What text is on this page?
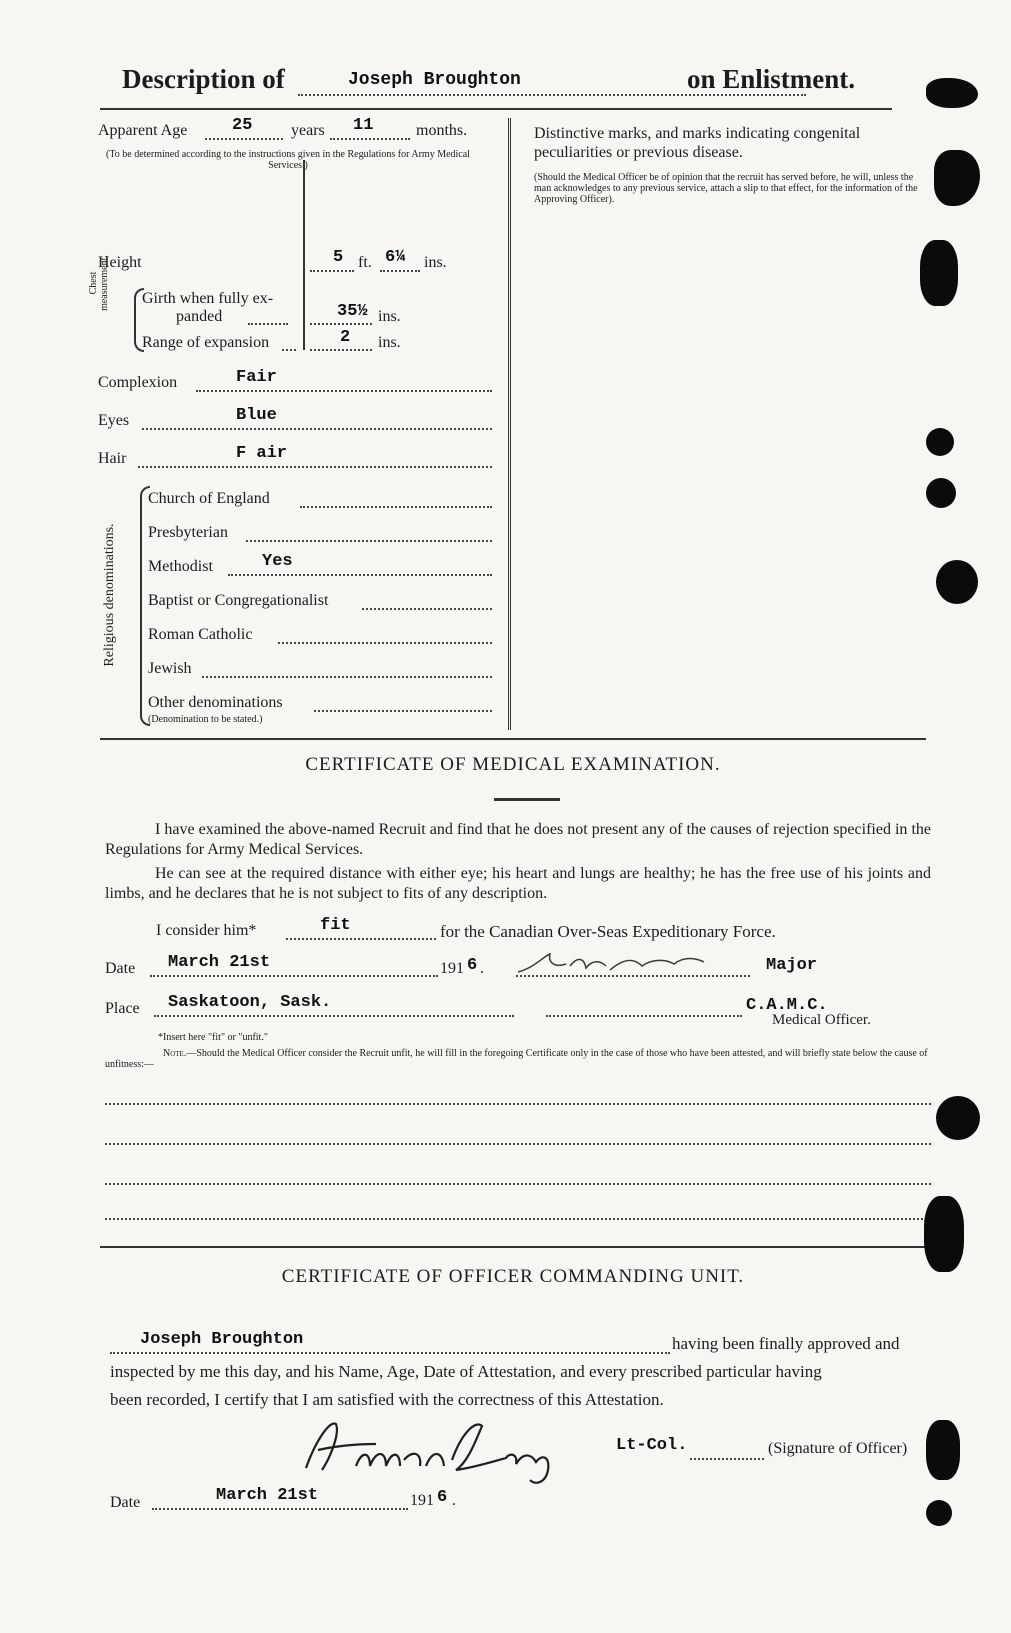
Description of	Joseph Broughton	on Enlistment.
Apparent Age	25 years 11	months.
(To be determined according to the instructions given in the Regulations for Army Medical Services.)
Height	5 ft. 6¼ ins.
Chest measurement. Girth when fully ex-
panded	35½ ins.
Range of expansion	2 ins.
Complexion	Fair
Eyes	Blue
Hair	F air
Religious denominations.
Church of England
Presbyterian
Methodist	Yes
Baptist or Congregationalist
Roman Catholic
Jewish
Other denominations
(Denomination to be stated.)
Distinctive marks, and marks indicating congenital peculiarities or previous disease.
(Should the Medical Officer be of opinion that the recruit has served before, he will, unless the man acknowledges to any previous service, attach a slip to that effect, for the information of the Approving Officer).
CERTIFICATE OF MEDICAL EXAMINATION.
I have examined the above-named Recruit and find that he does not present any of the causes of rejection specified in the Regulations for Army Medical Services.
He can see at the required distance with either eye; his heart and lungs are healthy; he has the free use of his joints and limbs, and he declares that he is not subject to fits of any description.
I consider him*	fit	for the Canadian Over-Seas Expeditionary Force.
Date March 21st	191 6 .	Major
Place Saskatoon, Sask.	C.A.M.C.
Medical Officer.
*Insert here "fit" or "unfit."
Note.—Should the Medical Officer consider the Recruit unfit, he will fill in the foregoing Certificate only in the case of those who have been attested, and will briefly state below the cause of unfitness:—
CERTIFICATE OF OFFICER COMMANDING UNIT.
Joseph Broughton	having been finally approved and
inspected by me this day, and his Name, Age, Date of Attestation, and every prescribed particular having
been recorded, I certify that I am satisfied with the correctness of this Attestation.
Lt-Col.	(Signature of Officer)
Date	March 21st	191 6 .
